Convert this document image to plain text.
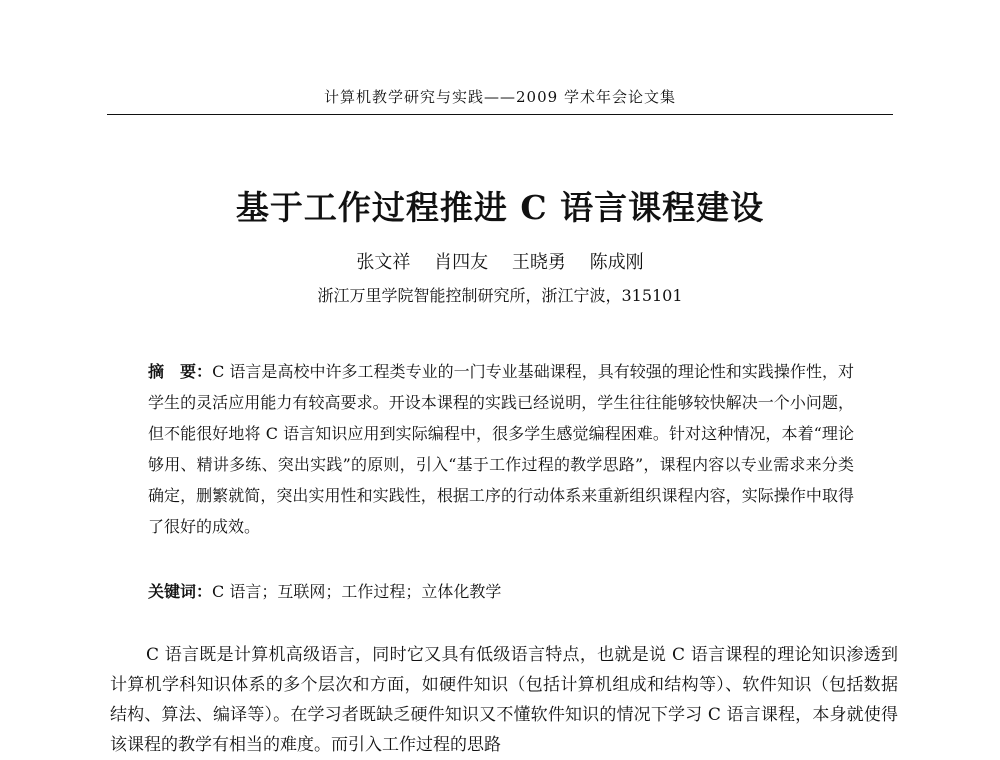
计算机教学研究与实践——2009 学术年会论文集
基于工作过程推进 C 语言课程建设
张文祥 肖四友 王晓勇 陈成刚
浙江万里学院智能控制研究所，浙江宁波，315101
摘　要：C 语言是高校中许多工程类专业的一门专业基础课程，具有较强的理论性和实践操作性，对学生的灵活应用能力有较高要求。开设本课程的实践已经说明，学生往往能够较快解决一个小问题，但不能很好地将 C 语言知识应用到实际编程中，很多学生感觉编程困难。针对这种情况，本着“理论够用、精讲多练、突出实践”的原则，引入“基于工作过程的教学思路”，课程内容以专业需求来分类确定，删繁就简，突出实用性和实践性，根据工序的行动体系来重新组织课程内容，实际操作中取得了很好的成效。
关键词：C 语言；互联网；工作过程；立体化教学
C 语言既是计算机高级语言，同时它又具有低级语言特点，也就是说 C 语言课程的理论知识渗透到计算机学科知识体系的多个层次和方面，如硬件知识（包括计算机组成和结构等）、软件知识（包括数据结构、算法、编译等）。在学习者既缺乏硬件知识又不懂软件知识的情况下学习 C 语言课程，本身就使得该课程的教学有相当的难度。而引入工作过程的思路
